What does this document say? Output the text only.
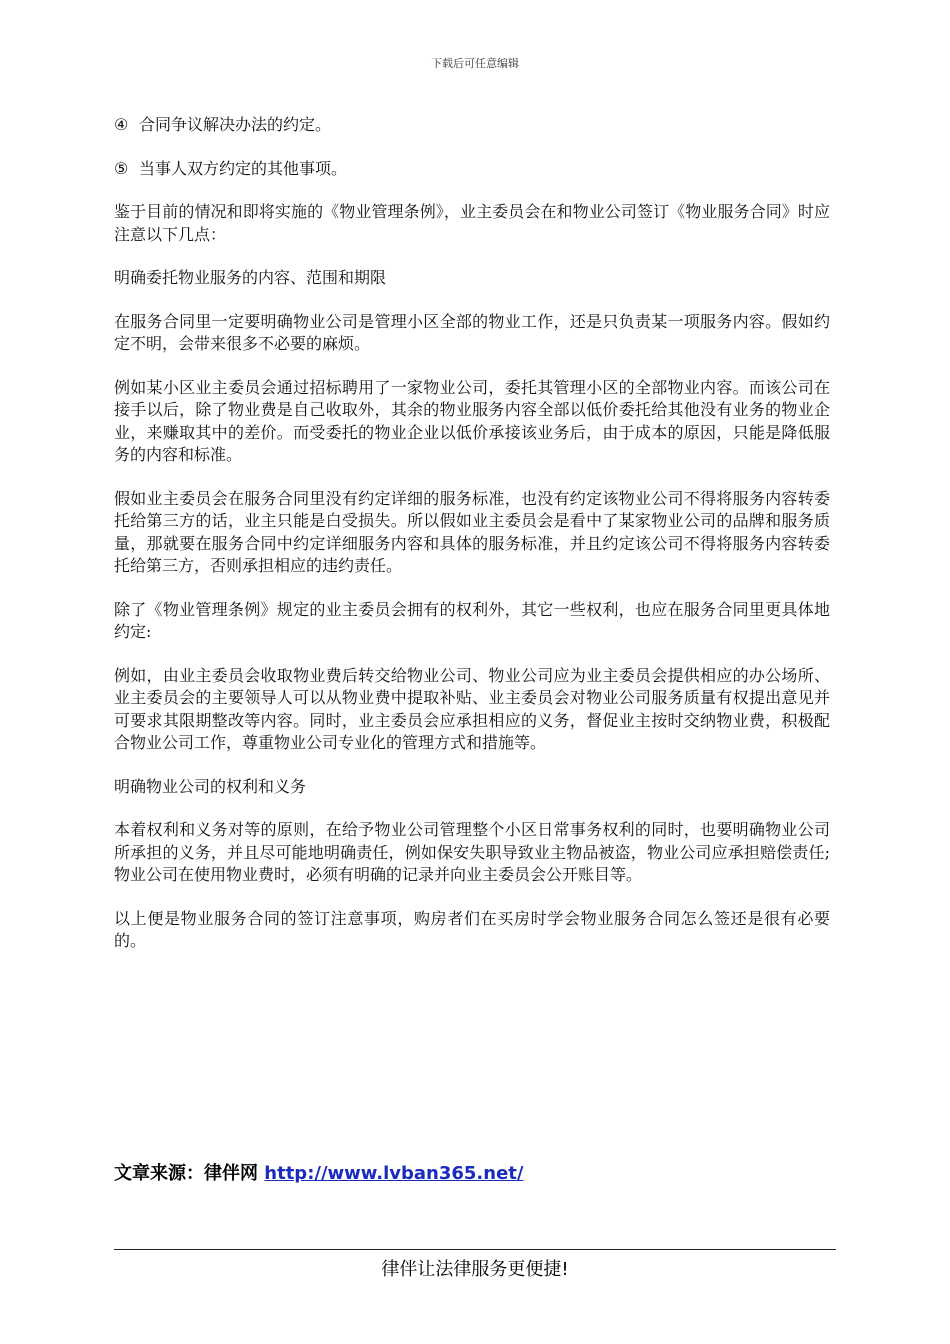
下载后可任意编辑

④ 合同争议解决办法的约定。

⑤ 当事人双方约定的其他事项。

鉴于目前的情况和即将实施的《物业管理条例》，业主委员会在和物业公司签订《物业服务合同》时应注意以下几点：

明确委托物业服务的内容、范围和期限

在服务合同里一定要明确物业公司是管理小区全部的物业工作，还是只负责某一项服务内容。假如约定不明，会带来很多不必要的麻烦。

例如某小区业主委员会通过招标聘用了一家物业公司，委托其管理小区的全部物业内容。而该公司在接手以后，除了物业费是自己收取外，其余的物业服务内容全部以低价委托给其他没有业务的物业企业，来赚取其中的差价。而受委托的物业企业以低价承接该业务后，由于成本的原因，只能是降低服务的内容和标准。

假如业主委员会在服务合同里没有约定详细的服务标准，也没有约定该物业公司不得将服务内容转委托给第三方的话，业主只能是白受损失。所以假如业主委员会是看中了某家物业公司的品牌和服务质量，那就要在服务合同中约定详细服务内容和具体的服务标准，并且约定该公司不得将服务内容转委托给第三方，否则承担相应的违约责任。

除了《物业管理条例》规定的业主委员会拥有的权利外，其它一些权利，也应在服务合同里更具体地约定:

例如，由业主委员会收取物业费后转交给物业公司、物业公司应为业主委员会提供相应的办公场所、业主委员会的主要领导人可以从物业费中提取补贴、业主委员会对物业公司服务质量有权提出意见并可要求其限期整改等内容。同时，业主委员会应承担相应的义务，督促业主按时交纳物业费，积极配合物业公司工作，尊重物业公司专业化的管理方式和措施等。

明确物业公司的权利和义务

本着权利和义务对等的原则，在给予物业公司管理整个小区日常事务权利的同时，也要明确物业公司所承担的义务，并且尽可能地明确责任，例如保安失职导致业主物品被盗，物业公司应承担赔偿责任;物业公司在使用物业费时，必须有明确的记录并向业主委员会公开账目等。

以上便是物业服务合同的签订注意事项，购房者们在买房时学会物业服务合同怎么签还是很有必要的。

文章来源：律伴网 http://www.lvban365.net/
律伴让法律服务更便捷!
